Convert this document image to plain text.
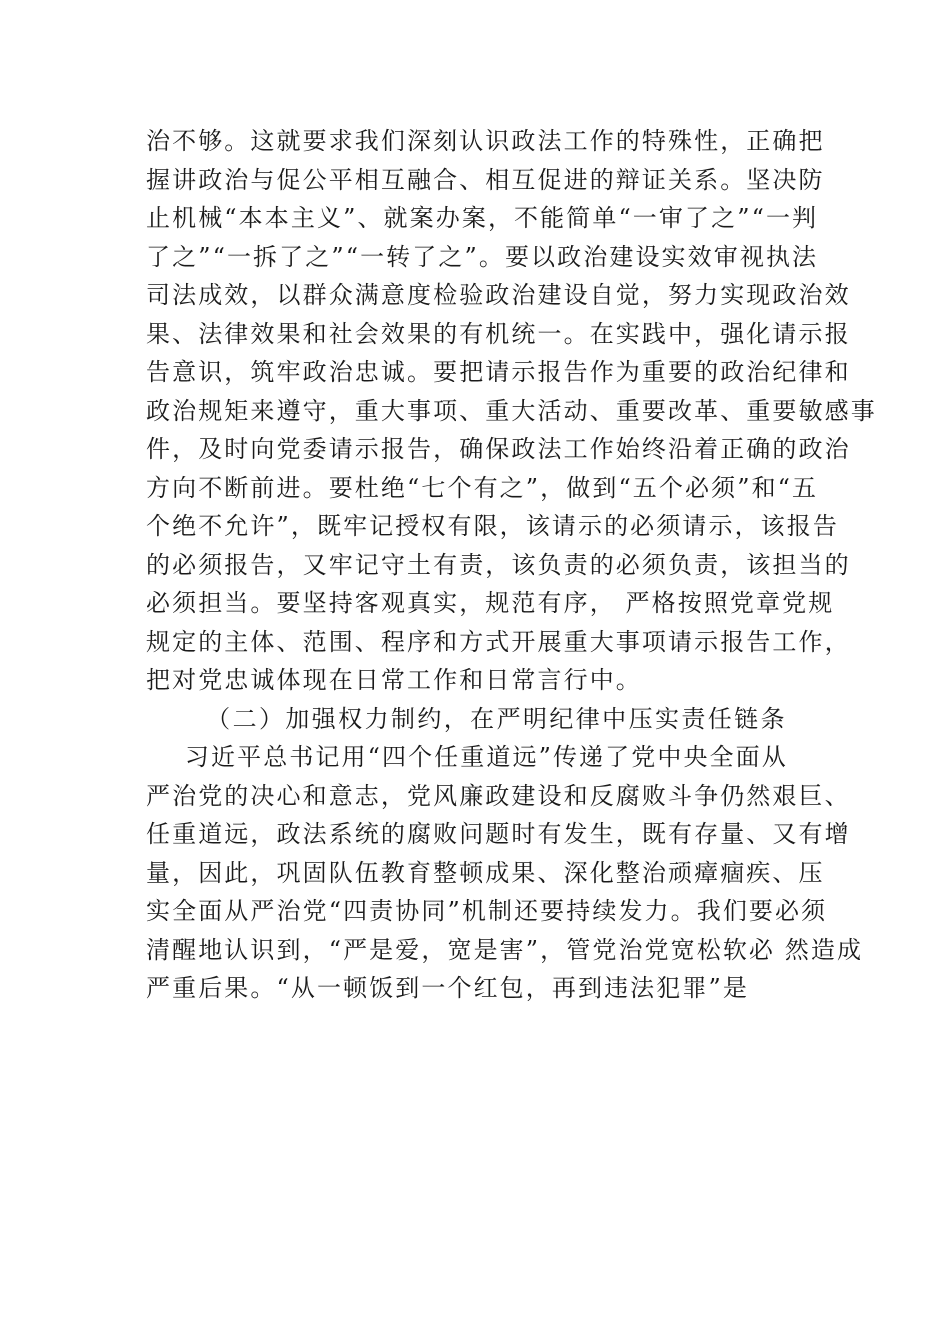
治不够。这就要求我们深刻认识政法工作的特殊性，正确把
握讲政治与促公平相互融合、相互促进的辩证关系。坚决防
止机械“本本主义”、就案办案，不能简单“一审了之”“一判
了之”“一拆了之”“一转了之”。要以政治建设实效审视执法
司法成效，以群众满意度检验政治建设自觉，努力实现政治效
果、法律效果和社会效果的有机统一。在实践中，强化请示报
告意识，筑牢政治忠诚。要把请示报告作为重要的政治纪律和
政治规矩来遵守，重大事项、重大活动、重要改革、重要敏感事
件，及时向党委请示报告，确保政法工作始终沿着正确的政治
方向不断前进。要杜绝“七个有之”，做到“五个必须”和“五
个绝不允许”，既牢记授权有限，该请示的必须请示，该报告
的必须报告，又牢记守土有责，该负责的必须负责，该担当的
必须担当。要坚持客观真实，规范有序， 严格按照党章党规
规定的主体、范围、程序和方式开展重大事项请示报告工作，
把对党忠诚体现在日常工作和日常言行中。
（二）加强权力制约，在严明纪律中压实责任链条
习近平总书记用“四个任重道远”传递了党中央全面从
严治党的决心和意志，党风廉政建设和反腐败斗争仍然艰巨、
任重道远，政法系统的腐败问题时有发生，既有存量、又有增
量，因此，巩固队伍教育整顿成果、深化整治顽瘴痼疾、压
实全面从严治党“四责协同”机制还要持续发力。我们要必须
清醒地认识到，“严是爱，宽是害”，管党治党宽松软必 然造成
严重后果。“从一顿饭到一个红包，再到违法犯罪”是
